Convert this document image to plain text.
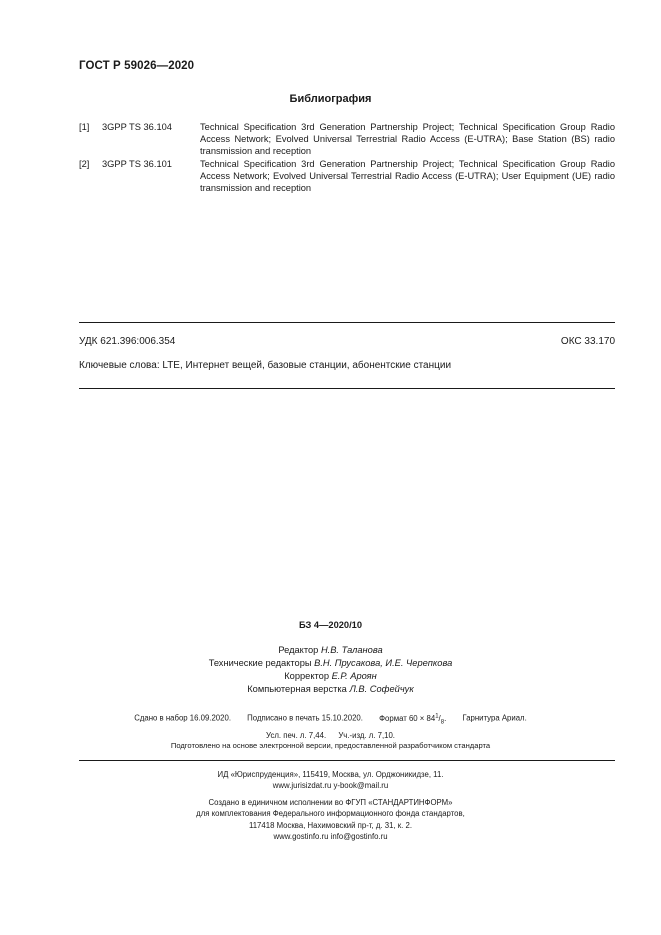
ГОСТ Р 59026—2020
Библиография
[1] 3GPP TS 36.104	Technical Specification 3rd Generation Partnership Project; Technical Specification Group Radio Access Network; Evolved Universal Terrestrial Radio Access (E-UTRA); Base Station (BS) radio transmission and reception
[2] 3GPP TS 36.101	Technical Specification 3rd Generation Partnership Project; Technical Specification Group Radio Access Network; Evolved Universal Terrestrial Radio Access (E-UTRA); User Equipment (UE) radio transmission and reception
УДК 621.396:006.354	ОКС 33.170
Ключевые слова: LTE, Интернет вещей, базовые станции, абонентские станции
БЗ 4—2020/10
Редактор Н.В. Таланова
Технические редакторы В.Н. Прусакова, И.Е. Черепкова
Корректор Е.Р. Ароян
Компьютерная верстка Л.В. Софейчук
Сдано в набор 16.09.2020. Подписано в печать 15.10.2020. Формат $60 \times 84^1/_8$. Гарнитура Ариал.
Усл. печ. л. 7,44. Уч.-изд. л. 7,10.
Подготовлено на основе электронной версии, предоставленной разработчиком стандарта
ИД «Юриспруденция», 115419, Москва, ул. Орджоникидзе, 11.
www.jurisizdat.ru y-book@mail.ru
Создано в единичном исполнении во ФГУП «СТАНДАРТИНФОРМ»
для комплектования Федерального информационного фонда стандартов,
117418 Москва, Нахимовский пр-т, д. 31, к. 2.
www.gostinfo.ru info@gostinfo.ru
